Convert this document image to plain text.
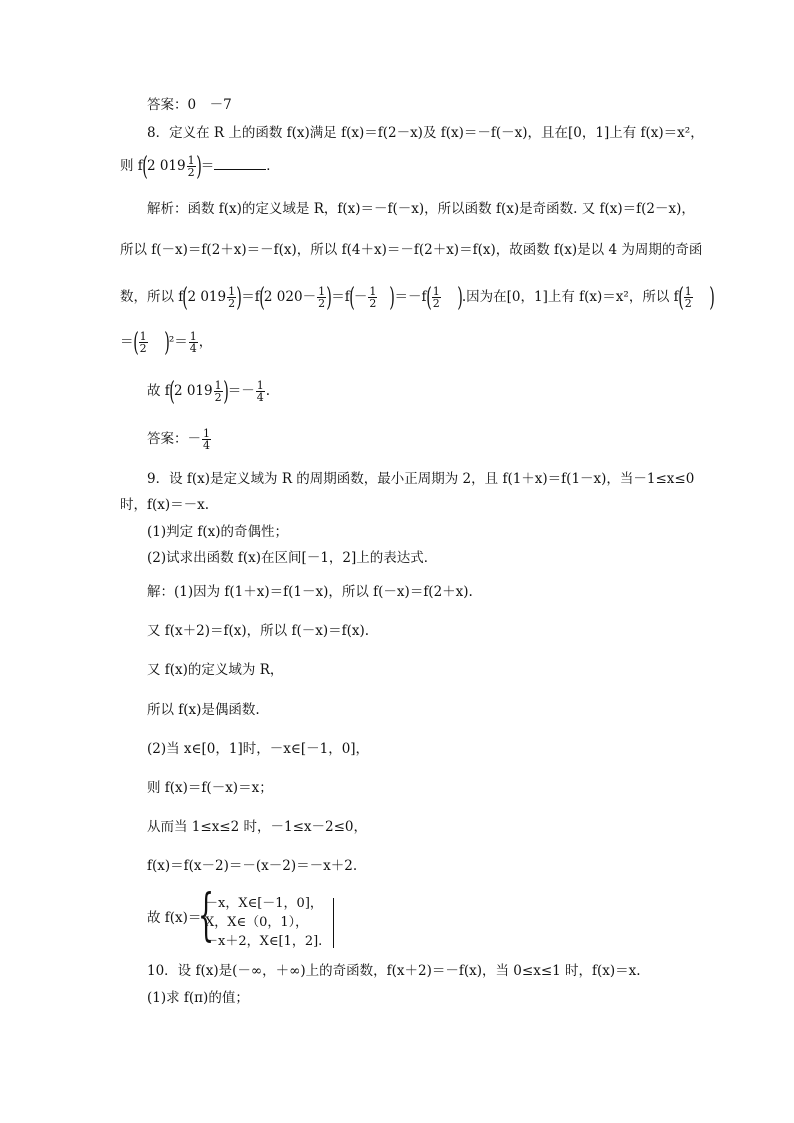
答案：0　－7
8．定义在 R 上的函数 f(x)满足 f(x)＝f(2－x)及 f(x)＝－f(－x)，且在[0，1]上有 f(x)＝x²，
则 f(2 $019 \frac{1}{2}$ )＝	．
解析：函数 f(x)的定义域是 R，f(x)＝－f(－x)，所以函数 f(x)是奇函数. 又 f(x)＝f(2－x)，
所以 f(－x)＝f(2＋x)＝－f(x)，所以 f(4＋x)＝－f(2＋x)＝f(x)，故函数 f(x)是以 4 为周期的奇函
数，所以 f(2 $019 \frac{1}{2} )=f(2$ $020- \frac{1}{2} )=f(- \frac{1}{2} )=-f( \frac{1}{2}$ ).因为在[0，1]上有 f(x)＝x²，所以 $f( \frac{1}{2}$ )
＝( $\frac{1}{2} )^2= \frac{1}{4}$ ，
故 f(2 $019 \frac{1}{2}$ )＝－ $\frac{1}{4}$ .
答案：－ $\frac{1}{4}$
9．设 f(x)是定义域为 R 的周期函数，最小正周期为 2，且 f(1＋x)＝f(1－x)，当－1≤x≤0
时，f(x)＝－x.
(1)判定 f(x)的奇偶性；
(2)试求出函数 f(x)在区间[－1，2]上的表达式．
解：(1)因为 f(1＋x)＝f(1－x)，所以 f(－x)＝f(2＋x).
又 f(x＋2)＝f(x)，所以 f(－x)＝f(x).
又 f(x)的定义域为 R，
所以 f(x)是偶函数.
(2)当 x∈[0，1]时，－x∈[－1，0]，
则 f(x)＝f(－x)＝x；
从而当 1≤x≤2 时，－1≤x－2≤0，
f(x)＝f(x－2)＝－(x－2)＝－x＋2.
故 f(x)＝
{
－x，X∈[－1，0]，
X，X∈（0，1），
－x＋2，X∈[1，2].
10．设 f(x)是(－∞，＋∞)上的奇函数，f(x＋2)＝－f(x)，当 0≤x≤1 时，f(x)＝x.
(1)求 f(π)的值；
